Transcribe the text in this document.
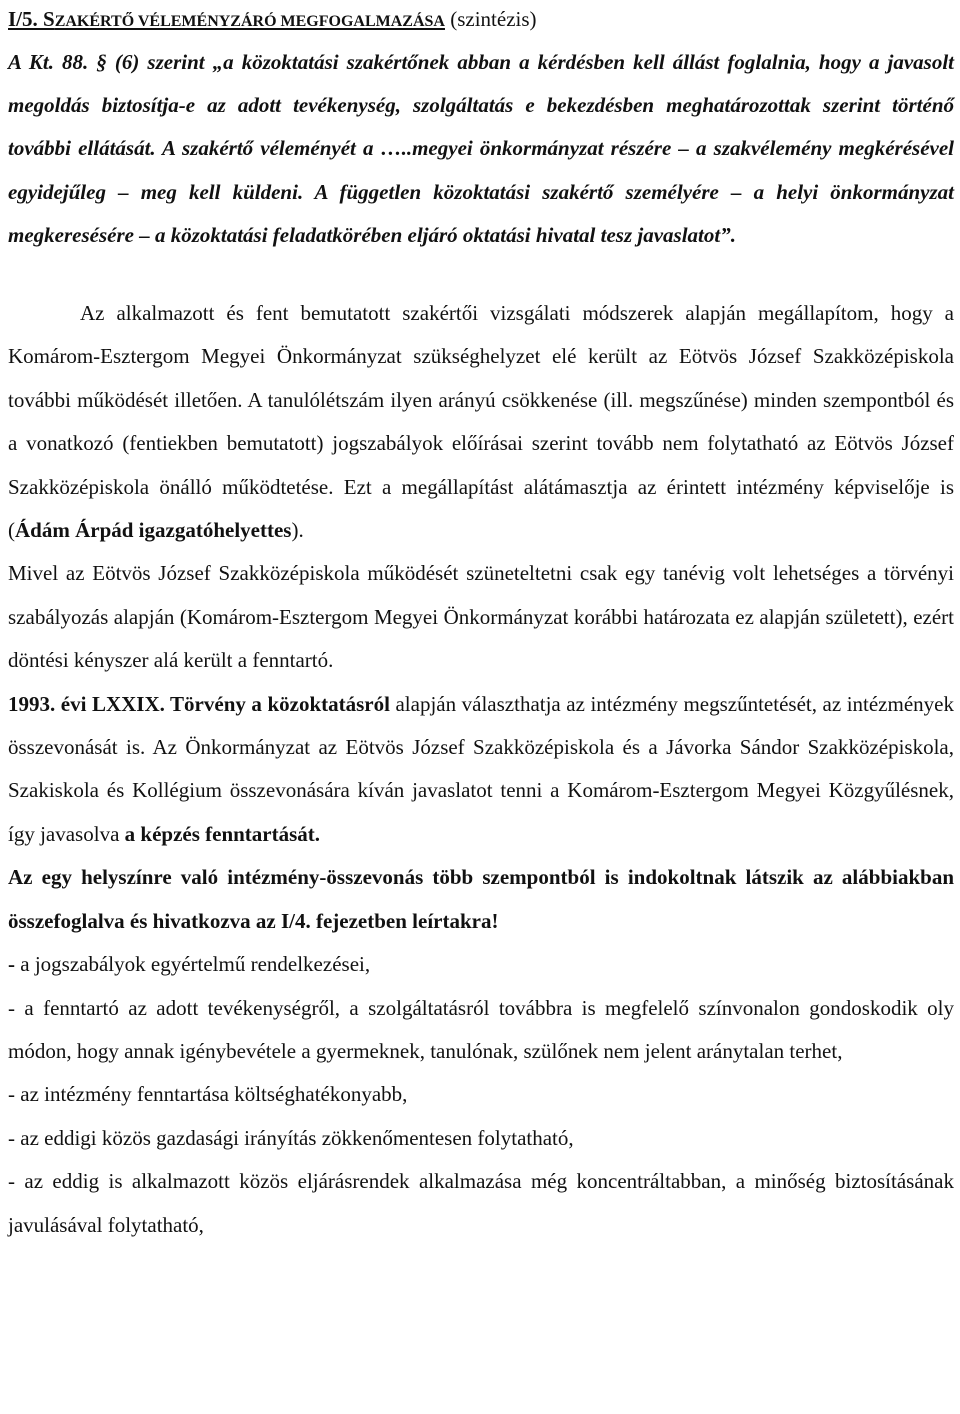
I/5. SZAKÉRTŐ VÉLEMÉNYZÁRÓ MEGFOGALMAZÁSA (szintézis)

A Kt. 88. § (6) szerint „a közoktatási szakértőnek abban a kérdésben kell állást foglalnia, hogy a javasolt megoldás biztosítja-e az adott tevékenység, szolgáltatás e bekezdésben meghatározottak szerint történő további ellátását. A szakértő véleményét a …..megyei önkormányzat részére – a szakvélemény megkérésével egyidejűleg – meg kell küldeni. A független közoktatási szakértő személyére – a helyi önkormányzat megkeresésére – a közoktatási feladatkörében eljáró oktatási hivatal tesz javaslatot”.

Az alkalmazott és fent bemutatott szakértői vizsgálati módszerek alapján megállapítom, hogy a Komárom-Esztergom Megyei Önkormányzat szükséghelyzet elé került az Eötvös József Szakközépiskola további működését illetően. A tanulólétszám ilyen arányú csökkenése (ill. megszűnése) minden szempontból és a vonatkozó (fentiekben bemutatott) jogszabályok előírásai szerint tovább nem folytatható az Eötvös József Szakközépiskola önálló működtetése. Ezt a megállapítást alátámasztja az érintett intézmény képviselője is (Ádám Árpád igazgatóhelyettes).

Mivel az Eötvös József Szakközépiskola működését szüneteltetni csak egy tanévig volt lehetséges a törvényi szabályozás alapján (Komárom-Esztergom Megyei Önkormányzat korábbi határozata ez alapján született), ezért döntési kényszer alá került a fenntartó.

1993. évi LXXIX. Törvény a közoktatásról alapján választhatja az intézmény megszűntetését, az intézmények összevonását is. Az Önkormányzat az Eötvös József Szakközépiskola és a Jávorka Sándor Szakközépiskola, Szakiskola és Kollégium összevonására kíván javaslatot tenni a Komárom-Esztergom Megyei Közgyűlésnek, így javasolva a képzés fenntartását.

Az egy helyszínre való intézmény-összevonás több szempontból is indokoltnak látszik az alábbiakban összefoglalva és hivatkozva az I/4. fejezetben leírtakra!

- a jogszabályok egyértelmű rendelkezései,

- a fenntartó az adott tevékenységről, a szolgáltatásról továbbra is megfelelő színvonalon gondoskodik oly módon, hogy annak igénybevétele a gyermeknek, tanulónak, szülőnek nem jelent aránytalan terhet,

- az intézmény fenntartása költséghatékonyabb,

- az eddigi közös gazdasági irányítás zökkenőmentesen folytatható,

- az eddig is alkalmazott közös eljárásrendek alkalmazása még koncentráltabban, a minőség biztosításának javulásával folytatható,
